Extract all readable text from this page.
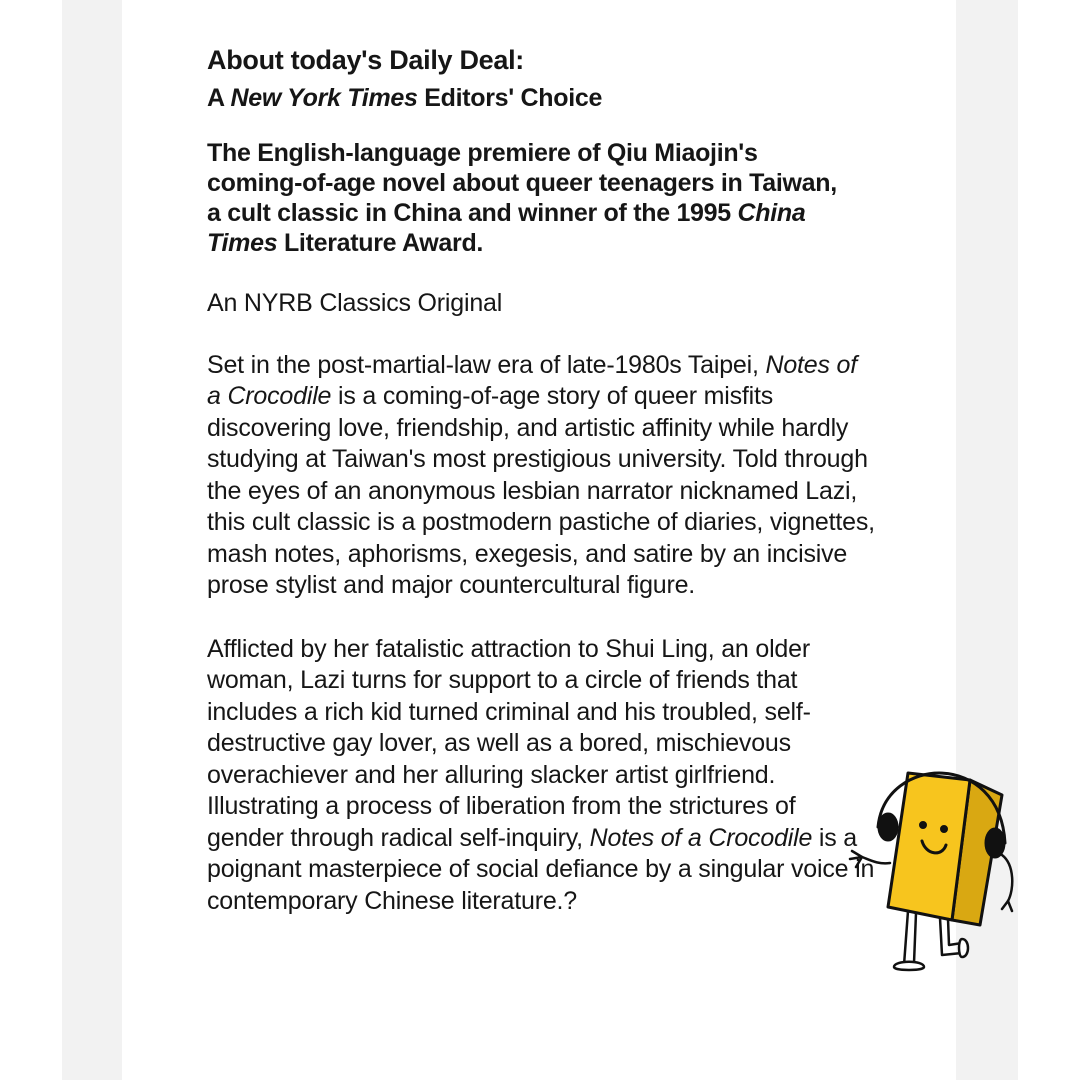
About today's Daily Deal:

A New York Times Editors' Choice

The English-language premiere of Qiu Miaojin's coming-of-age novel about queer teenagers in Taiwan, a cult classic in China and winner of the 1995 China Times Literature Award.

An NYRB Classics Original

Set in the post-martial-law era of late-1980s Taipei, Notes of a Crocodile is a coming-of-age story of queer misfits discovering love, friendship, and artistic affinity while hardly studying at Taiwan's most prestigious university. Told through the eyes of an anonymous lesbian narrator nicknamed Lazi, this cult classic is a postmodern pastiche of diaries, vignettes, mash notes, aphorisms, exegesis, and satire by an incisive prose stylist and major countercultural figure.

Afflicted by her fatalistic attraction to Shui Ling, an older woman, Lazi turns for support to a circle of friends that includes a rich kid turned criminal and his troubled, self-destructive gay lover, as well as a bored, mischievous overachiever and her alluring slacker artist girlfriend. Illustrating a process of liberation from the strictures of gender through radical self-inquiry, Notes of a Crocodile is a poignant masterpiece of social defiance by a singular voice in contemporary Chinese literature.?
